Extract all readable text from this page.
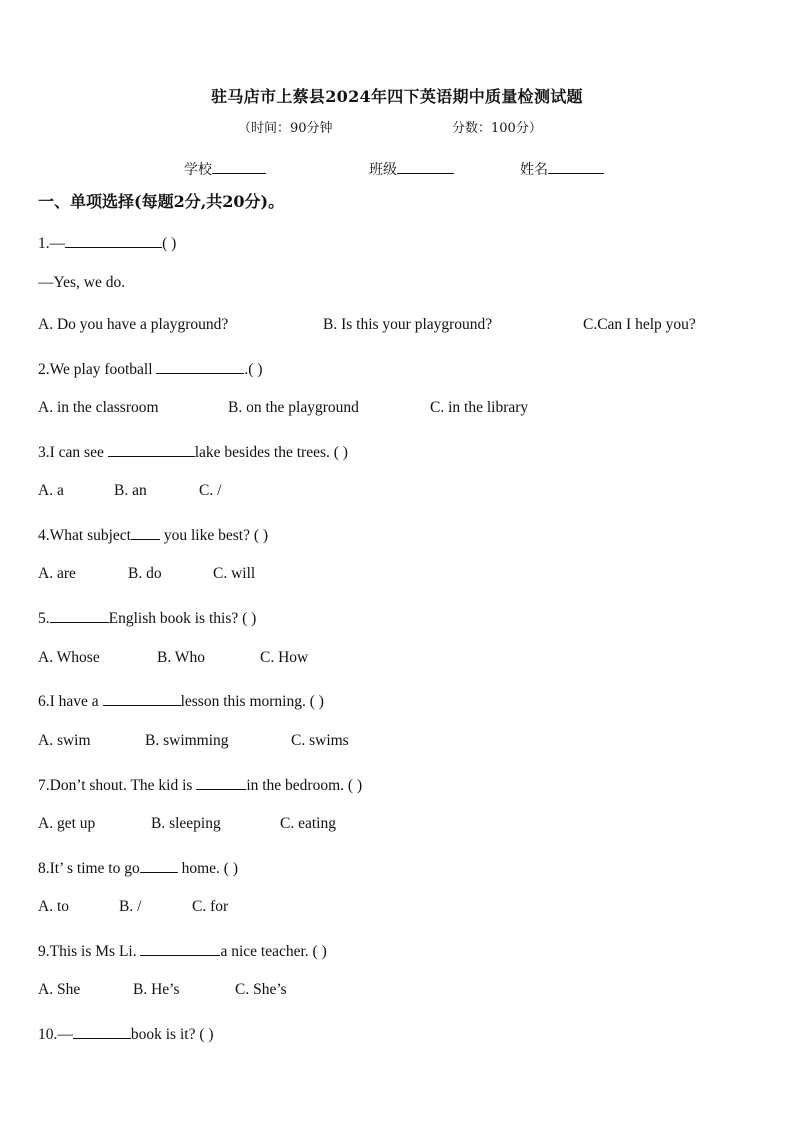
驻马店市上蔡县2024年四下英语期中质量检测试题
（时间：90分钟	分数：100分）
学校	班级	姓名
一、单项选择(每题2分,共20分)。
1.—	( )
—Yes, we do.
A. Do you have a playground?	B. Is this your playground?	C.Can I help you?
2.We play football	.( )
A. in the classroom	B. on the playground	C. in the library
3.I can see	lake besides the trees. ( )
A. a	B. an	C. /
4.What subject you like best? ( )
A. are	B. do	C. will
5.	English book is this? ( )
A. Whose	B. Who	C. How
6.I have a	lesson this morning. ( )
A. swim	B. swimming	C. swims
7.Don’t shout. The kid is	in the bedroom. ( )
A. get up	B. sleeping	C. eating
8.It’ s time to go home. ( )
A. to	B. /	C. for
9.This is Ms Li.	a nice teacher. ( )
A. She	B. He’s	C. She’s
10.—	book is it? ( )
